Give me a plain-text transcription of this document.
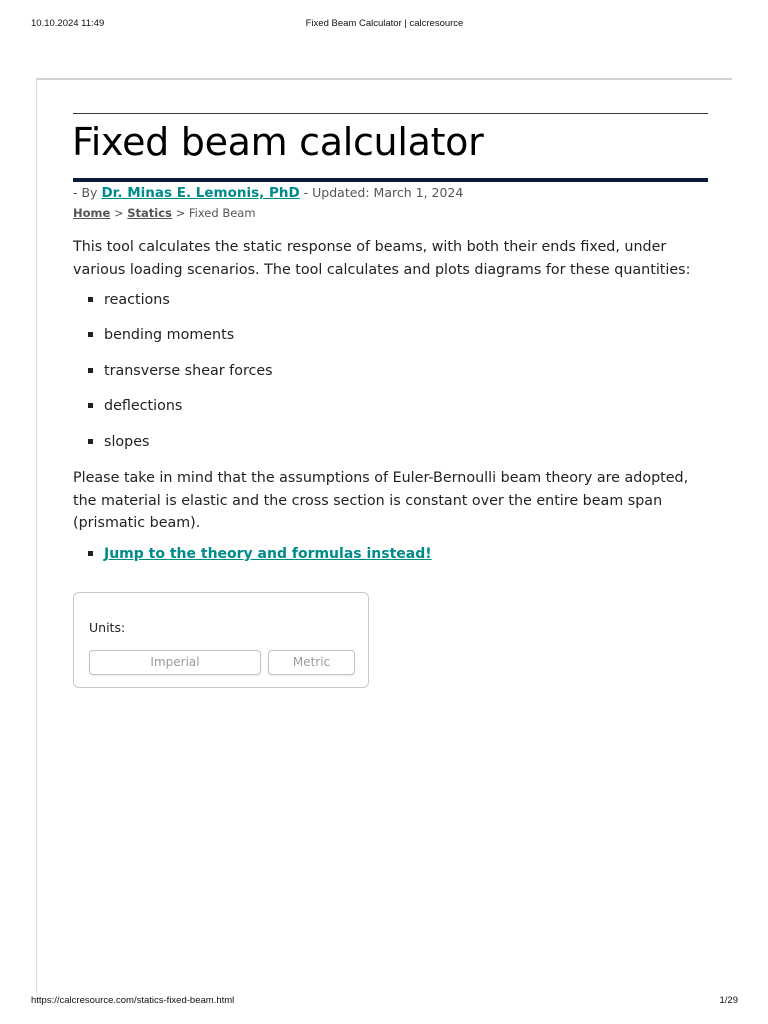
10.10.2024 11:49	Fixed Beam Calculator | calcresource
Fixed beam calculator
- By Dr. Minas E. Lemonis, PhD - Updated: March 1, 2024
Home > Statics > Fixed Beam

This tool calculates the static response of beams, with both their ends fixed, under various loading scenarios. The tool calculates and plots diagrams for these quantities:

reactions
bending moments
transverse shear forces
deflections
slopes

Please take in mind that the assumptions of Euler-Bernoulli beam theory are adopted, the material is elastic and the cross section is constant over the entire beam span (prismatic beam).

Jump to the theory and formulas instead!
Units:
Imperial	Metric
https://calcresource.com/statics-fixed-beam.html	1/29
